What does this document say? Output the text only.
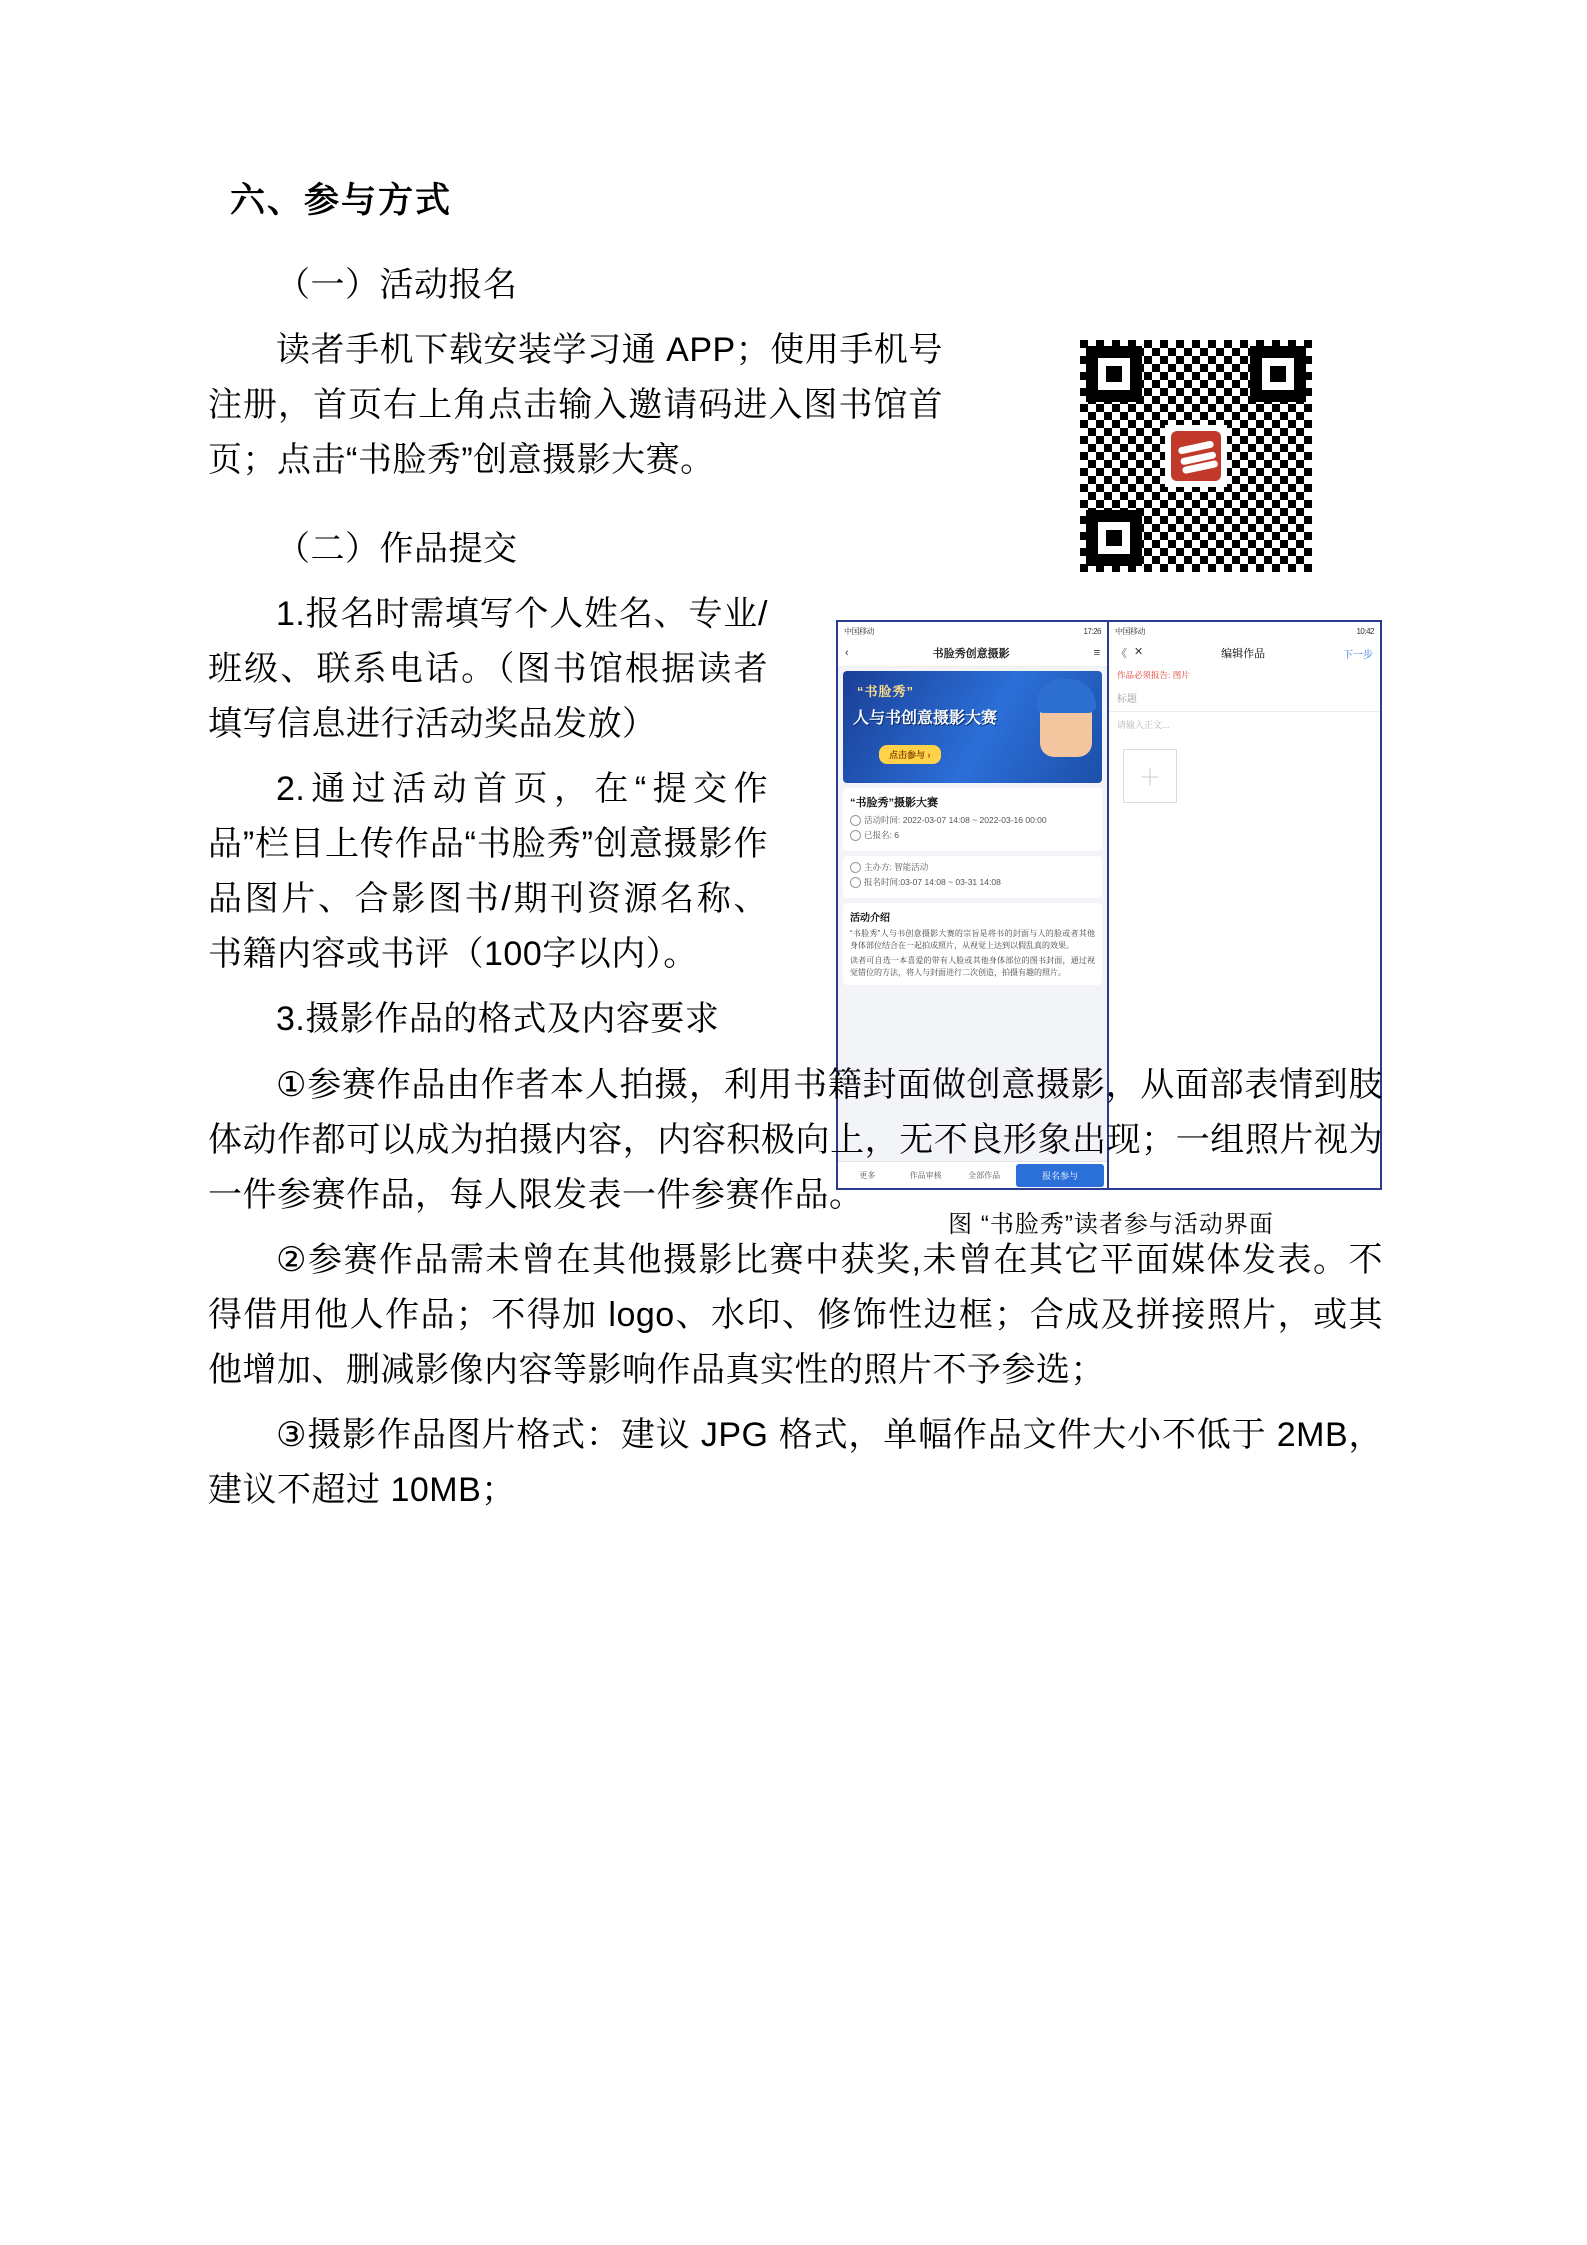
中国移动	17:26
‹	书脸秀创意摄影	≡
“书脸秀”
人与书创意摄影大赛
点击参与 ›
“书脸秀”摄影大赛
活动时间: 2022-03-07 14:08 ~ 2022-03-16 00:00
已报名: 6
主办方: 智能活动
报名时间:03-07 14:08 ~ 03-31 14:08
活动介绍
“书脸秀”人与书创意摄影大赛的宗旨是将书的封面与人的脸或者其他身体部位结合在一起拍成照片，从视觉上达到以假乱真的效果。
读者可自选一本喜爱的带有人脸或其他身体部位的图书封面，通过视觉错位的方法，将人与封面进行二次创造，拍摄有趣的照片。
更多	作品审核	全部作品	报名参与
中国移动	10:42
《 ✕	编辑作品	下一步
作品必须报告: 图片
标题
请输入正文...
＋
图 “书脸秀”读者参与活动界面
六、参与方式

（一）活动报名

读者手机下载安装学习通 APP；使用手机号注册，首页右上角点击输入邀请码进入图书馆首页；点击“书脸秀”创意摄影大赛。

（二）作品提交

1.报名时需填写个人姓名、专业/班级、联系电话。（图书馆根据读者填写信息进行活动奖品发放）

2.通过活动首页，在“提交作品”栏目上传作品“书脸秀”创意摄影作品图片、合影图书/期刊资源名称、书籍内容或书评（100字以内）。

3.摄影作品的格式及内容要求

①参赛作品由作者本人拍摄，利用书籍封面做创意摄影，从面部表情到肢体动作都可以成为拍摄内容，内容积极向上，无不良形象出现；一组照片视为一件参赛作品，每人限发表一件参赛作品。

②参赛作品需未曾在其他摄影比赛中获奖,未曾在其它平面媒体发表。不得借用他人作品；不得加 logo、水印、修饰性边框；合成及拼接照片，或其他增加、删减影像内容等影响作品真实性的照片不予参选；

③摄影作品图片格式：建议 JPG 格式，单幅作品文件大小不低于 2MB，建议不超过 10MB；
